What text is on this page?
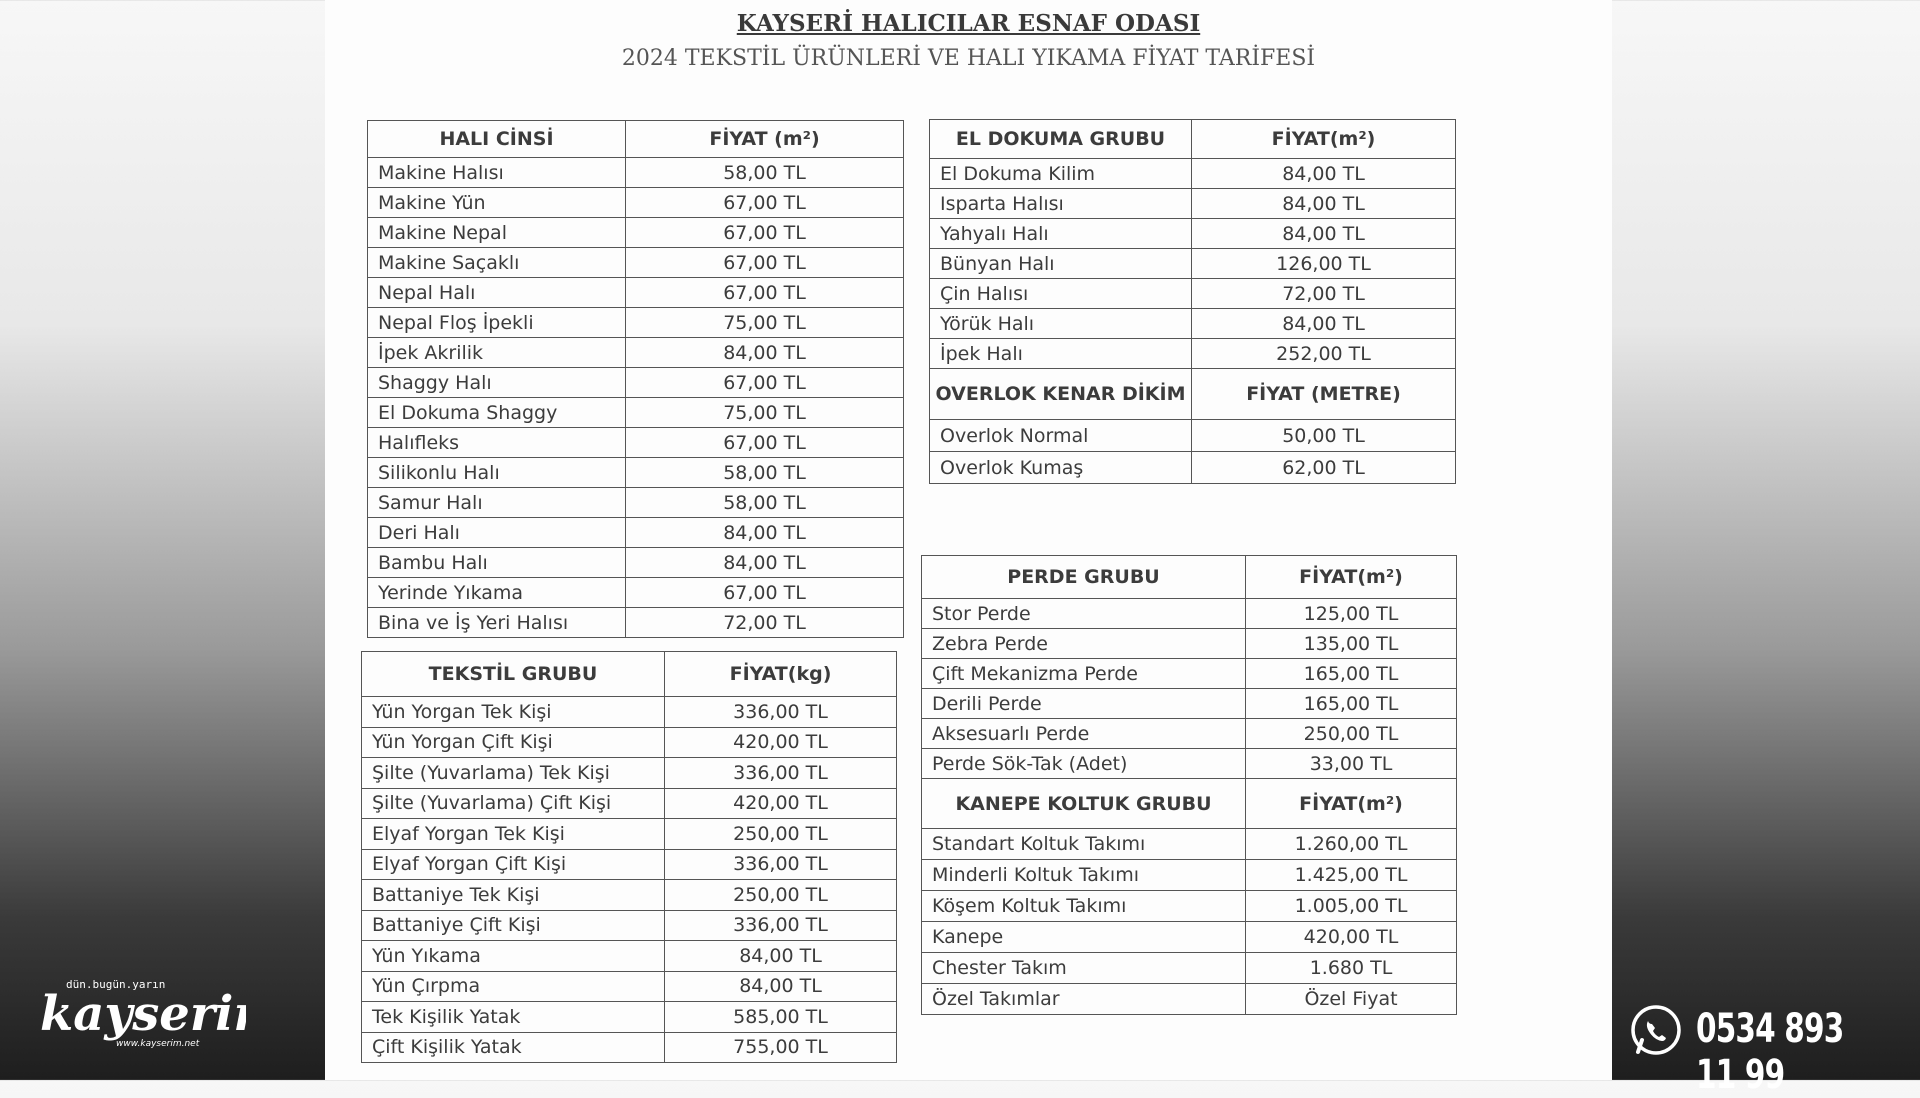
KAYSERİ HALICILAR ESNAF ODASI
2024 TEKSTİL ÜRÜNLERİ VE HALI YIKAMA FİYAT TARİFESİ
HALI CİNSİ	FİYAT (m²)
Makine Halısı	58,00 TL
Makine Yün	67,00 TL
Makine Nepal	67,00 TL
Makine Saçaklı	67,00 TL
Nepal Halı	67,00 TL
Nepal Floş İpekli	75,00 TL
İpek Akrilik	84,00 TL
Shaggy Halı	67,00 TL
El Dokuma Shaggy	75,00 TL
Halıfleks	67,00 TL
Silikonlu Halı	58,00 TL
Samur Halı	58,00 TL
Deri Halı	84,00 TL
Bambu Halı	84,00 TL
Yerinde Yıkama	67,00 TL
Bina ve İş Yeri Halısı	72,00 TL
TEKSTİL GRUBU	FİYAT(kg)
Yün Yorgan Tek Kişi	336,00 TL
Yün Yorgan Çift Kişi	420,00 TL
Şilte (Yuvarlama) Tek Kişi	336,00 TL
Şilte (Yuvarlama) Çift Kişi	420,00 TL
Elyaf Yorgan Tek Kişi	250,00 TL
Elyaf Yorgan Çift Kişi	336,00 TL
Battaniye Tek Kişi	250,00 TL
Battaniye Çift Kişi	336,00 TL
Yün Yıkama	84,00 TL
Yün Çırpma	84,00 TL
Tek Kişilik Yatak	585,00 TL
Çift Kişilik Yatak	755,00 TL
EL DOKUMA GRUBU	FİYAT(m²)
El Dokuma Kilim	84,00 TL
Isparta Halısı	84,00 TL
Yahyalı Halı	84,00 TL
Bünyan Halı	126,00 TL
Çin Halısı	72,00 TL
Yörük Halı	84,00 TL
İpek Halı	252,00 TL
OVERLOK KENAR DİKİM	FİYAT (METRE)
Overlok Normal	50,00 TL
Overlok Kumaş	62,00 TL
PERDE GRUBU	FİYAT(m²)
Stor Perde	125,00 TL
Zebra Perde	135,00 TL
Çift Mekanizma Perde	165,00 TL
Derili Perde	165,00 TL
Aksesuarlı Perde	250,00 TL
Perde Sök-Tak (Adet)	33,00 TL
KANEPE KOLTUK GRUBU	FİYAT(m²)
Standart Koltuk Takımı	1.260,00 TL
Minderli Koltuk Takımı	1.425,00 TL
Köşem Koltuk Takımı	1.005,00 TL
Kanepe	420,00 TL
Chester Takım	1.680 TL
Özel Takımlar	Özel Fiyat
dün.bugün.yarın
kayseri
www.kayserim.net	0534 893 11 99
